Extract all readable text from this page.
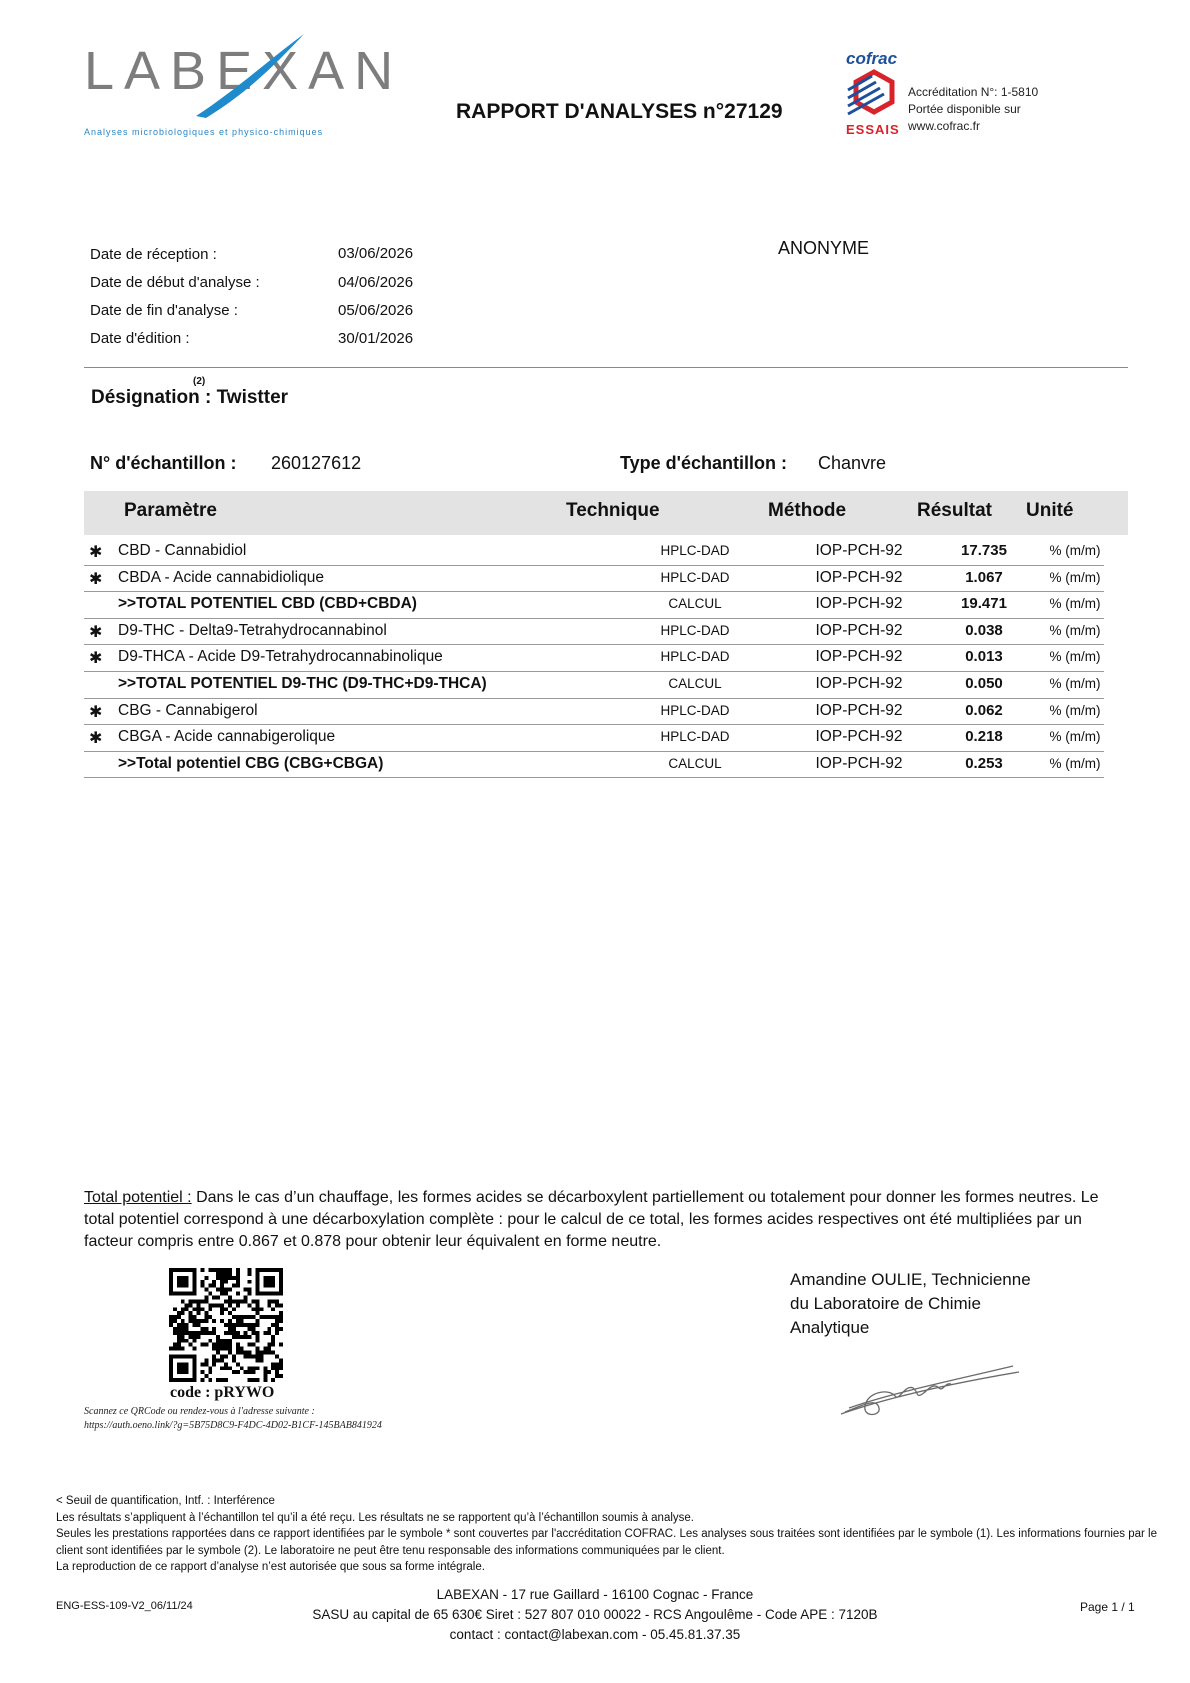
LABEXAN
Analyses microbiologiques et physico-chimiques
RAPPORT D'ANALYSES n°27129
cofrac
ESSAIS
Accréditation N°: 1-5810
Portée disponible sur
www.cofrac.fr
Date de réception :	03/06/2026
Date de début d'analyse :	04/06/2026
Date de fin d'analyse :	05/06/2026
Date d'édition :	30/01/2026
ANONYME
(2)
Désignation : Twistter
N° d'échantillon : 260127612	Type d'échantillon : Chanvre
Paramètre	Technique	Méthode	Résultat Unité
✱ CBD - Cannabidiol	HPLC-DAD	IOP-PCH-92	17.735	% (m/m)
✱ CBDA - Acide cannabidiolique	HPLC-DAD	IOP-PCH-92	1.067	% (m/m)
>>TOTAL POTENTIEL CBD (CBD+CBDA)	CALCUL	IOP-PCH-92	19.471	% (m/m)
✱ D9-THC - Delta9-Tetrahydrocannabinol	HPLC-DAD	IOP-PCH-92	0.038	% (m/m)
✱ D9-THCA - Acide D9-Tetrahydrocannabinolique	HPLC-DAD	IOP-PCH-92	0.013	% (m/m)
>>TOTAL POTENTIEL D9-THC (D9-THC+D9-THCA)	CALCUL	IOP-PCH-92	0.050	% (m/m)
✱ CBG - Cannabigerol	HPLC-DAD	IOP-PCH-92	0.062	% (m/m)
✱ CBGA - Acide cannabigerolique	HPLC-DAD	IOP-PCH-92	0.218	% (m/m)
>>Total potentiel CBG (CBG+CBGA)	CALCUL	IOP-PCH-92	0.253	% (m/m)
Total potentiel : Dans le cas d’un chauffage, les formes acides se décarboxylent partiellement ou totalement pour donner les formes neutres. Le total potentiel correspond à une décarboxylation complète : pour le calcul de ce total, les formes acides respectives ont été multipliées par un facteur compris entre 0.867 et 0.878 pour obtenir leur équivalent en forme neutre.
code : pRYWO
Scannez ce QRCode ou rendez-vous à l'adresse suivante :
https://auth.oeno.link/?g=5B75D8C9-F4DC-4D02-B1CF-145BAB841924
Amandine OULIE, Technicienne
du Laboratoire de Chimie
Analytique
< Seuil de quantification, Intf. : Interférence
Les résultats s’appliquent à l’échantillon tel qu’il a été reçu. Les résultats ne se rapportent qu’à l’échantillon soumis à analyse.
Seules les prestations rapportées dans ce rapport identifiées par le symbole * sont couvertes par l'accréditation COFRAC. Les analyses sous traitées sont identifiées par le symbole (1). Les informations fournies par le client sont identifiées par le symbole (2). Le laboratoire ne peut être tenu responsable des informations communiquées par le client.
La reproduction de ce rapport d’analyse n’est autorisée que sous sa forme intégrale.
ENG-ESS-109-V2_06/11/24
LABEXAN - 17 rue Gaillard - 16100 Cognac - France
SASU au capital de 65 630€ Siret : 527 807 010 00022 - RCS Angoulême - Code APE : 7120B
contact : contact@labexan.com - 05.45.81.37.35
Page 1 / 1
